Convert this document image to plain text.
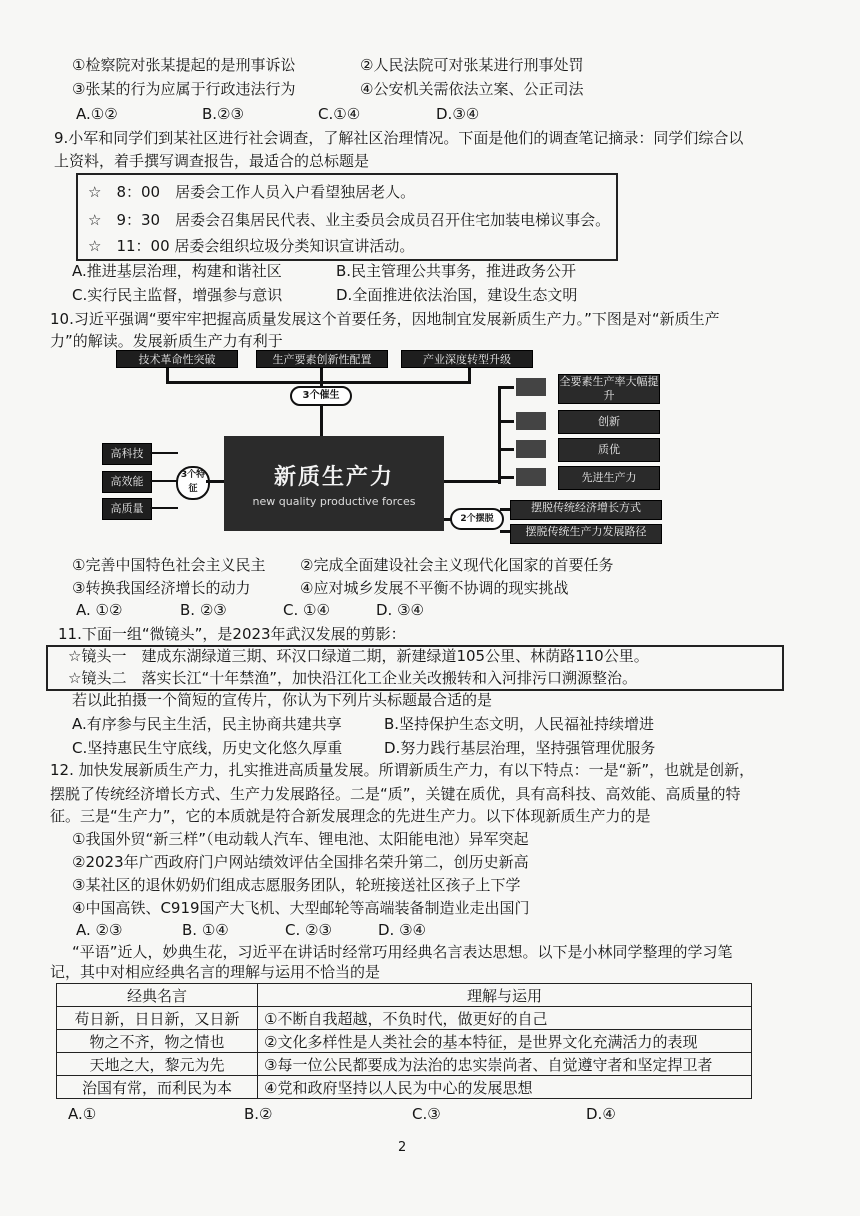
①检察院对张某提起的是刑事诉讼	②人民法院可对张某进行刑事处罚
③张某的行为应属于行政违法行为	④公安机关需依法立案、公正司法
A.①②	B.②③	C.①④	D.③④
9.小军和同学们到某社区进行社会调查，了解社区治理情况。下面是他们的调查笔记摘录：同学们综合以
上资料，着手撰写调查报告，最适合的总标题是
☆　8：00　居委会工作人员入户看望独居老人。
☆　9：30　居委会召集居民代表、业主委员会成员召开住宅加装电梯议事会。
☆　11：00 居委会组织垃圾分类知识宣讲活动。
A.推进基层治理，构建和谐社区	B.民主管理公共事务，推进政务公开
C.实行民主监督，增强参与意识	D.全面推进依法治国，建设生态文明
10.习近平强调“要牢牢把握高质量发展这个首要任务，因地制宜发展新质生产力。”下图是对“新质生产
力”的解读。发展新质生产力有利于
技术革命性突破	生产要素创新性配置	产业深度转型升级
3个催生
新质生产力
new quality productive forces
高科技
高效能
高质量
3个特征
全要素生产率大幅提升
创新
质优
先进生产力
2个摆脱
摆脱传统经济增长方式
摆脱传统生产力发展路径
①完善中国特色社会主义民主 ②完成全面建设社会主义现代化国家的首要任务
③转换我国经济增长的动力	④应对城乡发展不平衡不协调的现实挑战
A. ①②	B. ②③	C. ①④	D. ③④
11.下面一组“微镜头”，是2023年武汉发展的剪影：
☆镜头一　建成东湖绿道三期、环汉口绿道二期，新建绿道105公里、林荫路110公里。
☆镜头二　落实长江“十年禁渔”，加快沿江化工企业关改搬转和入河排污口溯源整治。
若以此拍摄一个简短的宣传片，你认为下列片头标题最合适的是
A.有序参与民主生活，民主协商共建共享	B.坚持保护生态文明，人民福祉持续增进
C.坚持惠民生守底线，历史文化悠久厚重	D.努力践行基层治理，坚持强管理优服务
12. 加快发展新质生产力，扎实推进高质量发展。所谓新质生产力，有以下特点：一是“新”，也就是创新，
摆脱了传统经济增长方式、生产力发展路径。二是“质”，关键在质优，具有高科技、高效能、高质量的特
征。三是“生产力”，它的本质就是符合新发展理念的先进生产力。以下体现新质生产力的是
①我国外贸“新三样”（电动载人汽车、锂电池、太阳能电池）异军突起
②2023年广西政府门户网站绩效评估全国排名荣升第二，创历史新高
③某社区的退休奶奶们组成志愿服务团队，轮班接送社区孩子上下学
④中国高铁、C919国产大飞机、大型邮轮等高端装备制造业走出国门
A. ②③	B. ①④	C. ②③	D. ③④
“平语”近人，妙典生花，习近平在讲话时经常巧用经典名言表达思想。以下是小林同学整理的学习笔
记，其中对相应经典名言的理解与运用不恰当的是
经典名言	理解与运用
苟日新，日日新，又日新	①不断自我超越，不负时代，做更好的自己
物之不齐，物之情也	②文化多样性是人类社会的基本特征，是世界文化充满活力的表现
天地之大，黎元为先	③每一位公民都要成为法治的忠实崇尚者、自觉遵守者和坚定捍卫者
治国有常，而利民为本	④党和政府坚持以人民为中心的发展思想
A.①	B.②	C.③	D.④
2
